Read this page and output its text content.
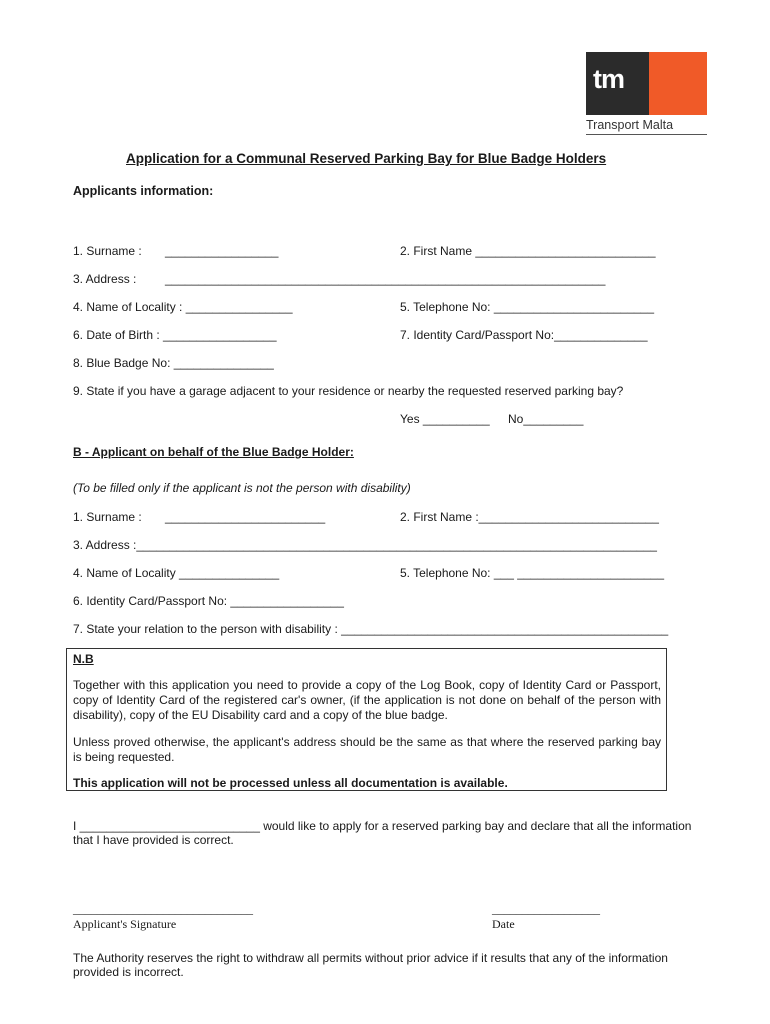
tm
Transport Malta
Application for a Communal Reserved Parking Bay for Blue Badge Holders
Applicants information:
1. Surname : _________________	2. First Name ___________________________
3. Address : __________________________________________________________________
4. Name of Locality : ________________	5. Telephone No: ________________________
6. Date of Birth : _________________	7. Identity Card/Passport No:______________
8. Blue Badge No: _______________
9. State if you have a garage adjacent to your residence or nearby the requested reserved parking bay?
Yes __________ No_________
B - Applicant on behalf of the Blue Badge Holder:
(To be filled only if the applicant is not the person with disability)
1. Surname : ________________________	2. First Name :___________________________
3. Address :______________________________________________________________________________
4. Name of Locality _______________	5. Telephone No: ___ ______________________
6. Identity Card/Passport No: _________________
7. State your relation to the person with disability : _________________________________________________
N.B
Together with this application you need to provide a copy of the Log Book, copy of Identity Card or Passport, copy of Identity Card of the registered car's owner, (if the application is not done on behalf of the person with disability), copy of the EU Disability card and a copy of the blue badge.
Unless proved otherwise, the applicant's address should be the same as that where the reserved parking bay is being requested.
This application will not be processed unless all documentation is available.
I ___________________________ would like to apply for a reserved parking bay and declare that all the information
that I have provided is correct.
______________________________
Applicant's Signature
__________________
Date
The Authority reserves the right to withdraw all permits without prior advice if it results that any of the information
provided is incorrect.
